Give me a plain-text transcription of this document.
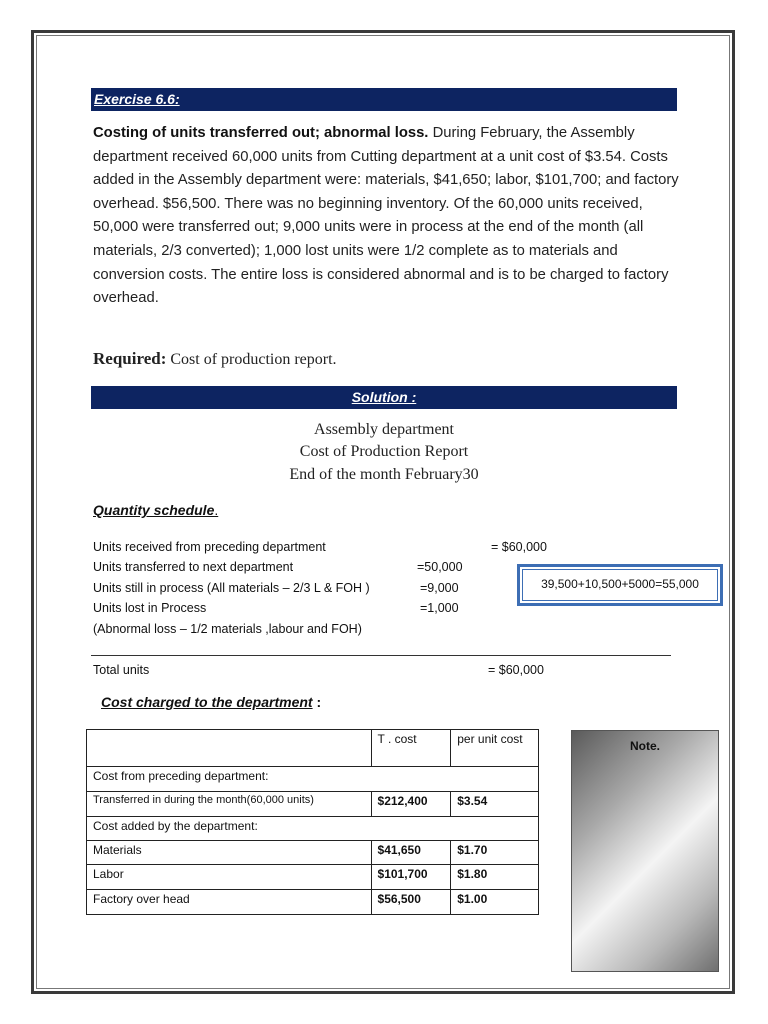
Exercise 6.6:
Costing of units transferred out; abnormal loss. During February, the Assembly department received 60,000 units from Cutting department at a unit cost of $3.54. Costs added in the Assembly department were: materials, $41,650; labor, $101,700; and factory overhead. $56,500. There was no beginning inventory. Of the 60,000 units received, 50,000 were transferred out; 9,000 units were in process at the end of the month (all materials, 2/3 converted); 1,000 lost units were 1/2 complete as to materials and conversion costs. The entire loss is considered abnormal and is to be charged to factory overhead.
Required: Cost of production report.
Solution :
Assembly department
Cost of Production Report
End of the month February30
Quantity schedule.
Units received from preceding department	= $60,000
Units transferred to next department	=50,000
Units still in process (All materials – 2/3 L & FOH )	=9,000
Units lost in Process	=1,000
(Abnormal loss – 1/2 materials ,labour and FOH)
39,500+10,500+5000=55,000
Total units	= $60,000
Cost charged to the department :
	T . cost	per unit cost
Cost from preceding department:		
Transferred in during the month(60,000 units)	$212,400	$3.54
Cost added by the department:		
Materials	$41,650	$1.70
Labor	$101,700	$1.80
Factory over head	$56,500	$1.00
Note.
